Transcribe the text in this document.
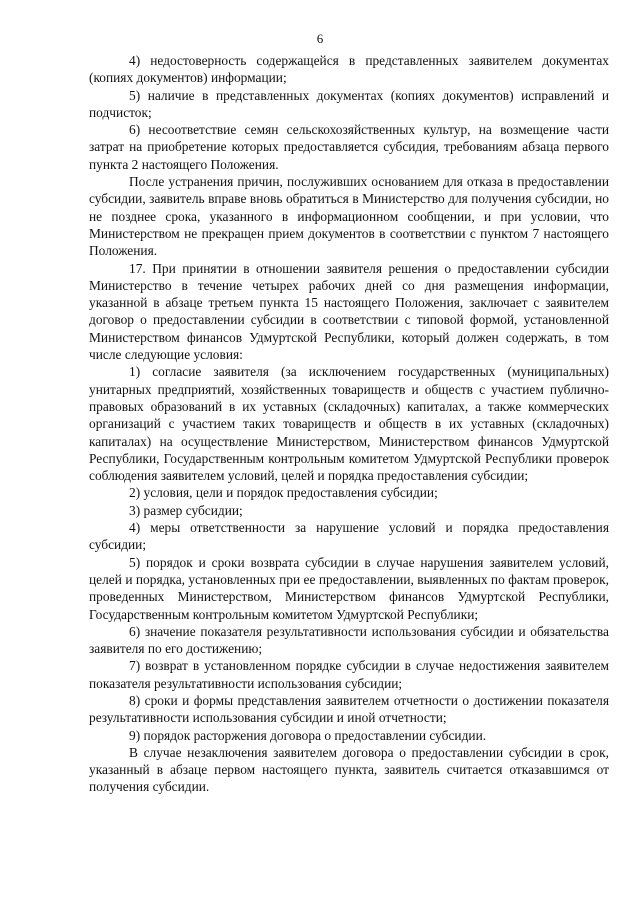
6

4) недостоверность содержащейся в представленных заявителем документах (копиях документов) информации;

5) наличие в представленных документах (копиях документов) исправлений и подчисток;

6) несоответствие семян сельскохозяйственных культур, на возмещение части затрат на приобретение которых предоставляется субсидия, требованиям абзаца первого пункта 2 настоящего Положения.

После устранения причин, послуживших основанием для отказа в предоставлении субсидии, заявитель вправе вновь обратиться в Министерство для получения субсидии, но не позднее срока, указанного в информационном сообщении, и при условии, что Министерством не прекращен прием документов в соответствии с пунктом 7 настоящего Положения.

17. При принятии в отношении заявителя решения о предоставлении субсидии Министерство в течение четырех рабочих дней со дня размещения информации, указанной в абзаце третьем пункта 15 настоящего Положения, заключает с заявителем договор о предоставлении субсидии в соответствии с типовой формой, установленной Министерством финансов Удмуртской Республики, который должен содержать, в том числе следующие условия:

1) согласие заявителя (за исключением государственных (муниципальных) унитарных предприятий, хозяйственных товариществ и обществ с участием публично-правовых образований в их уставных (складочных) капиталах, а также коммерческих организаций с участием таких товариществ и обществ в их уставных (складочных) капиталах) на осуществление Министерством, Министерством финансов Удмуртской Республики, Государственным контрольным комитетом Удмуртской Республики проверок соблюдения заявителем условий, целей и порядка предоставления субсидии;

2) условия, цели и порядок предоставления субсидии;

3) размер субсидии;

4) меры ответственности за нарушение условий и порядка предоставления субсидии;

5) порядок и сроки возврата субсидии в случае нарушения заявителем условий, целей и порядка, установленных при ее предоставлении, выявленных по фактам проверок, проведенных Министерством, Министерством финансов Удмуртской Республики, Государственным контрольным комитетом Удмуртской Республики;

6) значение показателя результативности использования субсидии и обязательства заявителя по его достижению;

7) возврат в установленном порядке субсидии в случае недостижения заявителем показателя результативности использования субсидии;

8) сроки и формы представления заявителем отчетности о достижении показателя результативности использования субсидии и иной отчетности;

9) порядок расторжения договора о предоставлении субсидии.

В случае незаключения заявителем договора о предоставлении субсидии в срок, указанный в абзаце первом настоящего пункта, заявитель считается отказавшимся от получения субсидии.
